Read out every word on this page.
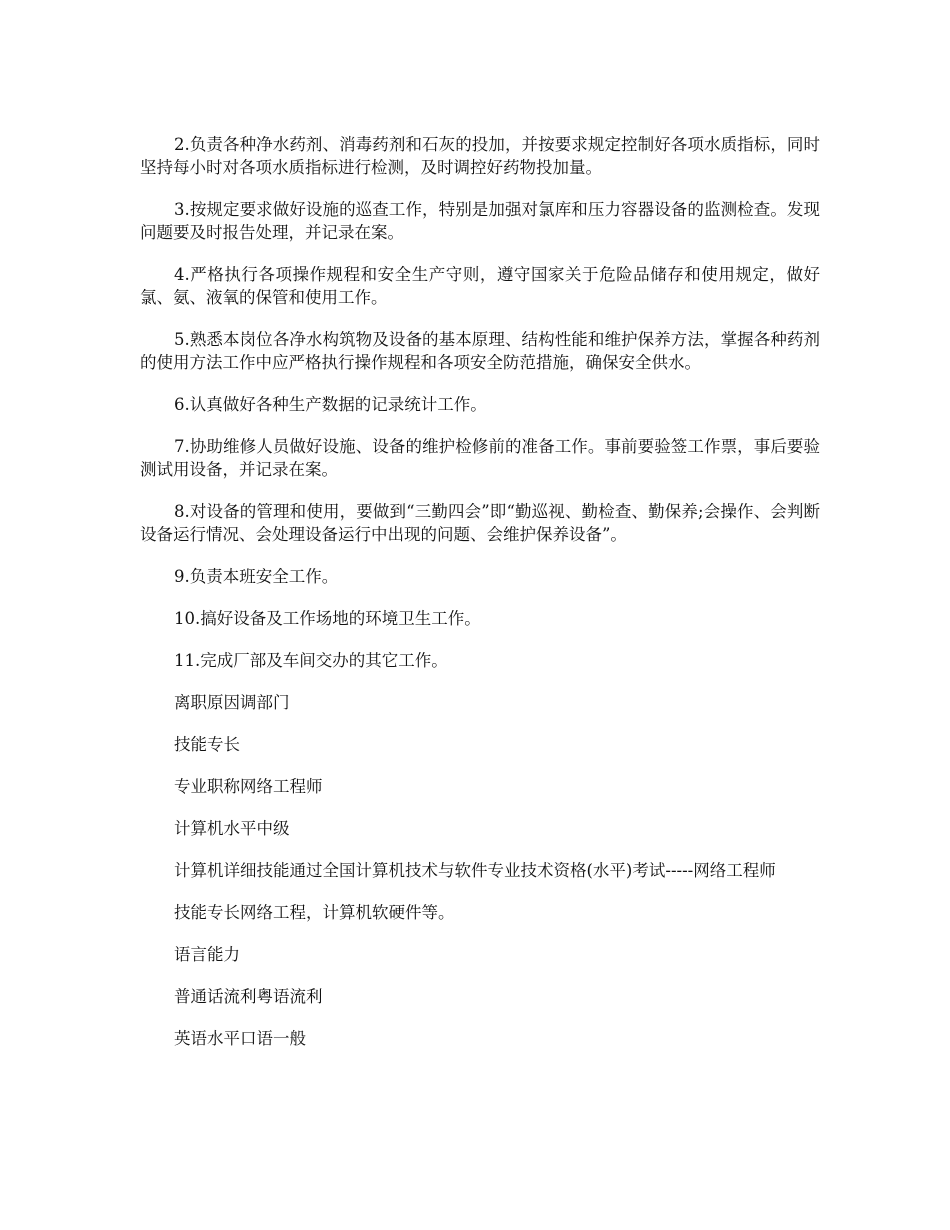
2.负责各种净水药剂、消毒药剂和石灰的投加，并按要求规定控制好各项水质指标，同时坚持每小时对各项水质指标进行检测，及时调控好药物投加量。

3.按规定要求做好设施的巡查工作，特别是加强对氯库和压力容器设备的监测检查。发现问题要及时报告处理，并记录在案。

4.严格执行各项操作规程和安全生产守则，遵守国家关于危险品储存和使用规定，做好氯、氨、液氧的保管和使用工作。

5.熟悉本岗位各净水构筑物及设备的基本原理、结构性能和维护保养方法，掌握各种药剂的使用方法工作中应严格执行操作规程和各项安全防范措施，确保安全供水。

6.认真做好各种生产数据的记录统计工作。

7.协助维修人员做好设施、设备的维护检修前的准备工作。事前要验签工作票，事后要验测试用设备，并记录在案。

8.对设备的管理和使用，要做到“三勤四会”即“勤巡视、勤检查、勤保养;会操作、会判断设备运行情况、会处理设备运行中出现的问题、会维护保养设备”。

9.负责本班安全工作。

10.搞好设备及工作场地的环境卫生工作。

11.完成厂部及车间交办的其它工作。

离职原因调部门

技能专长

专业职称网络工程师

计算机水平中级

计算机详细技能通过全国计算机技术与软件专业技术资格(水平)考试-----网络工程师

技能专长网络工程，计算机软硬件等。

语言能力

普通话流利粤语流利

英语水平口语一般
